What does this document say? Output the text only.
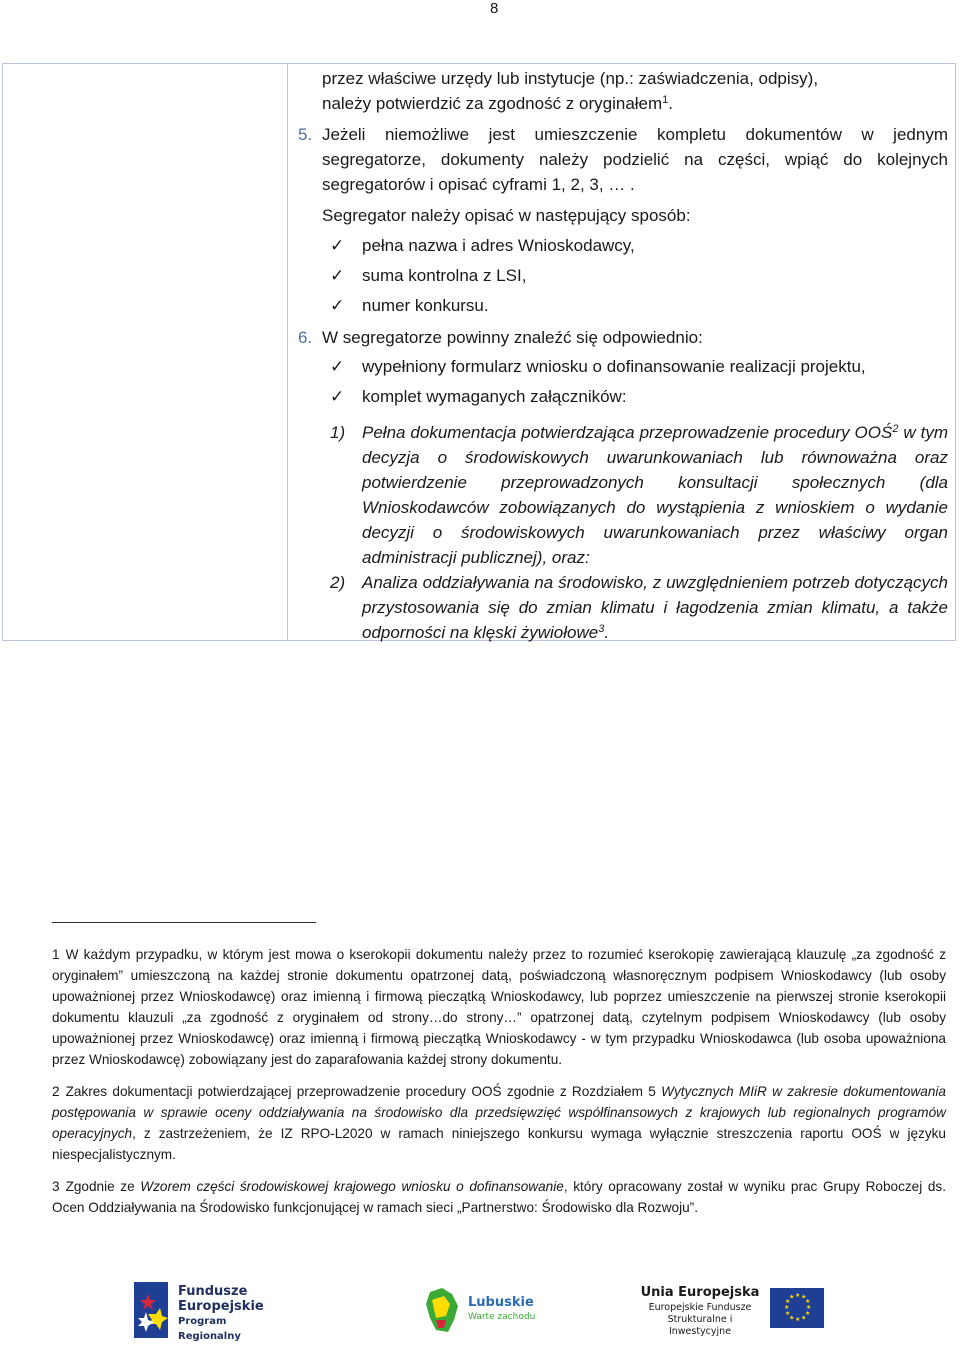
8
przez właściwe urzędy lub instytucje (np.: zaświadczenia, odpisy),
należy potwierdzić za zgodność z oryginałem$^1$.
5. Jeżeli niemożliwe jest umieszczenie kompletu dokumentów w jednym segregatorze, dokumenty należy podzielić na części, wpiąć do kolejnych segregatorów i opisać cyframi 1, 2, 3, … .
Segregator należy opisać w następujący sposób:
✓ pełna nazwa i adres Wnioskodawcy,
✓ suma kontrolna z LSI,
✓ numer konkursu.
6. W segregatorze powinny znaleźć się odpowiednio:
✓ wypełniony formularz wniosku o dofinansowanie realizacji projektu,
✓ komplet wymaganych załączników:
1) Pełna dokumentacja potwierdzająca przeprowadzenie procedury OOŚ$^2$ w tym decyzja o środowiskowych uwarunkowaniach lub równoważna oraz potwierdzenie przeprowadzonych konsultacji społecznych (dla Wnioskodawców zobowiązanych do wystąpienia z wnioskiem o wydanie decyzji o środowiskowych uwarunkowaniach przez właściwy organ administracji publicznej), oraz:
2) Analiza oddziaływania na środowisko, z uwzględnieniem potrzeb dotyczących przystosowania się do zmian klimatu i łagodzenia zmian klimatu, a także odporności na klęski żywiołowe$^3$.
1 W każdym przypadku, w którym jest mowa o kserokopii dokumentu należy przez to rozumieć kserokopię zawierającą klauzulę „za zgodność z oryginałem” umieszczoną na każdej stronie dokumentu opatrzonej datą, poświadczoną własnoręcznym podpisem Wnioskodawcy (lub osoby upoważnionej przez Wnioskodawcę) oraz imienną i firmową pieczątką Wnioskodawcy, lub poprzez umieszczenie na pierwszej stronie kserokopii dokumentu klauzuli „za zgodność z oryginałem od strony…do strony…” opatrzonej datą, czytelnym podpisem Wnioskodawcy (lub osoby upoważnionej przez Wnioskodawcę) oraz imienną i firmową pieczątką Wnioskodawcy - w tym przypadku Wnioskodawca (lub osoba upoważniona przez Wnioskodawcę) zobowiązany jest do zaparafowania każdej strony dokumentu.
2 Zakres dokumentacji potwierdzającej przeprowadzenie procedury OOŚ zgodnie z Rozdziałem 5 Wytycznych MIiR w zakresie dokumentowania postępowania w sprawie oceny oddziaływania na środowisko dla przedsięwzięć współfinansowych z krajowych lub regionalnych programów operacyjnych, z zastrzeżeniem, że IZ RPO-L2020 w ramach niniejszego konkursu wymaga wyłącznie streszczenia raportu OOŚ w języku niespecjalistycznym.
3 Zgodnie ze Wzorem części środowiskowej krajowego wniosku o dofinansowanie, który opracowany został w wyniku prac Grupy Roboczej ds. Ocen Oddziaływania na Środowisko funkcjonującej w ramach sieci „Partnerstwo: Środowisko dla Rozwoju”.
Fundusze
Europejskie
Program Regionalny
Lubuskie
Warte zachodu
Unia Europejska
Europejskie Fundusze
Strukturalne i Inwestycyjne
★ ★
★
★
★
★
★
★
★
★
★
★
